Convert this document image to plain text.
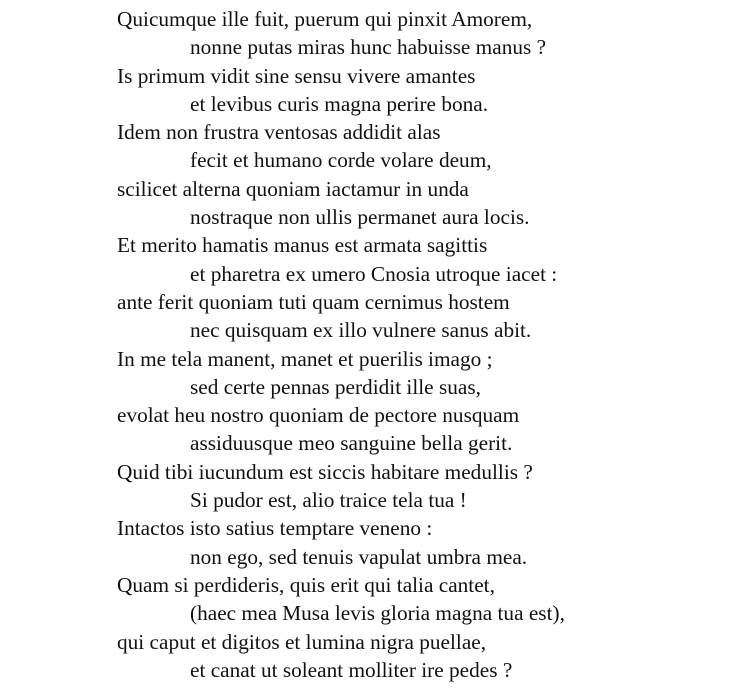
Quicumque ille fuit, puerum qui pinxit Amorem,
nonne putas miras hunc habuisse manus ?
Is primum vidit sine sensu vivere amantes
et levibus curis magna perire bona.
Idem non frustra ventosas addidit alas
fecit et humano corde volare deum,
scilicet alterna quoniam iactamur in unda
nostraque non ullis permanet aura locis.
Et merito hamatis manus est armata sagittis
et pharetra ex umero Cnosia utroque iacet :
ante ferit quoniam tuti quam cernimus hostem
nec quisquam ex illo vulnere sanus abit.
In me tela manent, manet et puerilis imago ;
sed certe pennas perdidit ille suas,
evolat heu nostro quoniam de pectore nusquam
assiduusque meo sanguine bella gerit.
Quid tibi iucundum est siccis habitare medullis ?
Si pudor est, alio traice tela tua !
Intactos isto satius temptare veneno :
non ego, sed tenuis vapulat umbra mea.
Quam si perdideris, quis erit qui talia cantet,
(haec mea Musa levis gloria magna tua est),
qui caput et digitos et lumina nigra puellae,
et canat ut soleant molliter ire pedes ?
